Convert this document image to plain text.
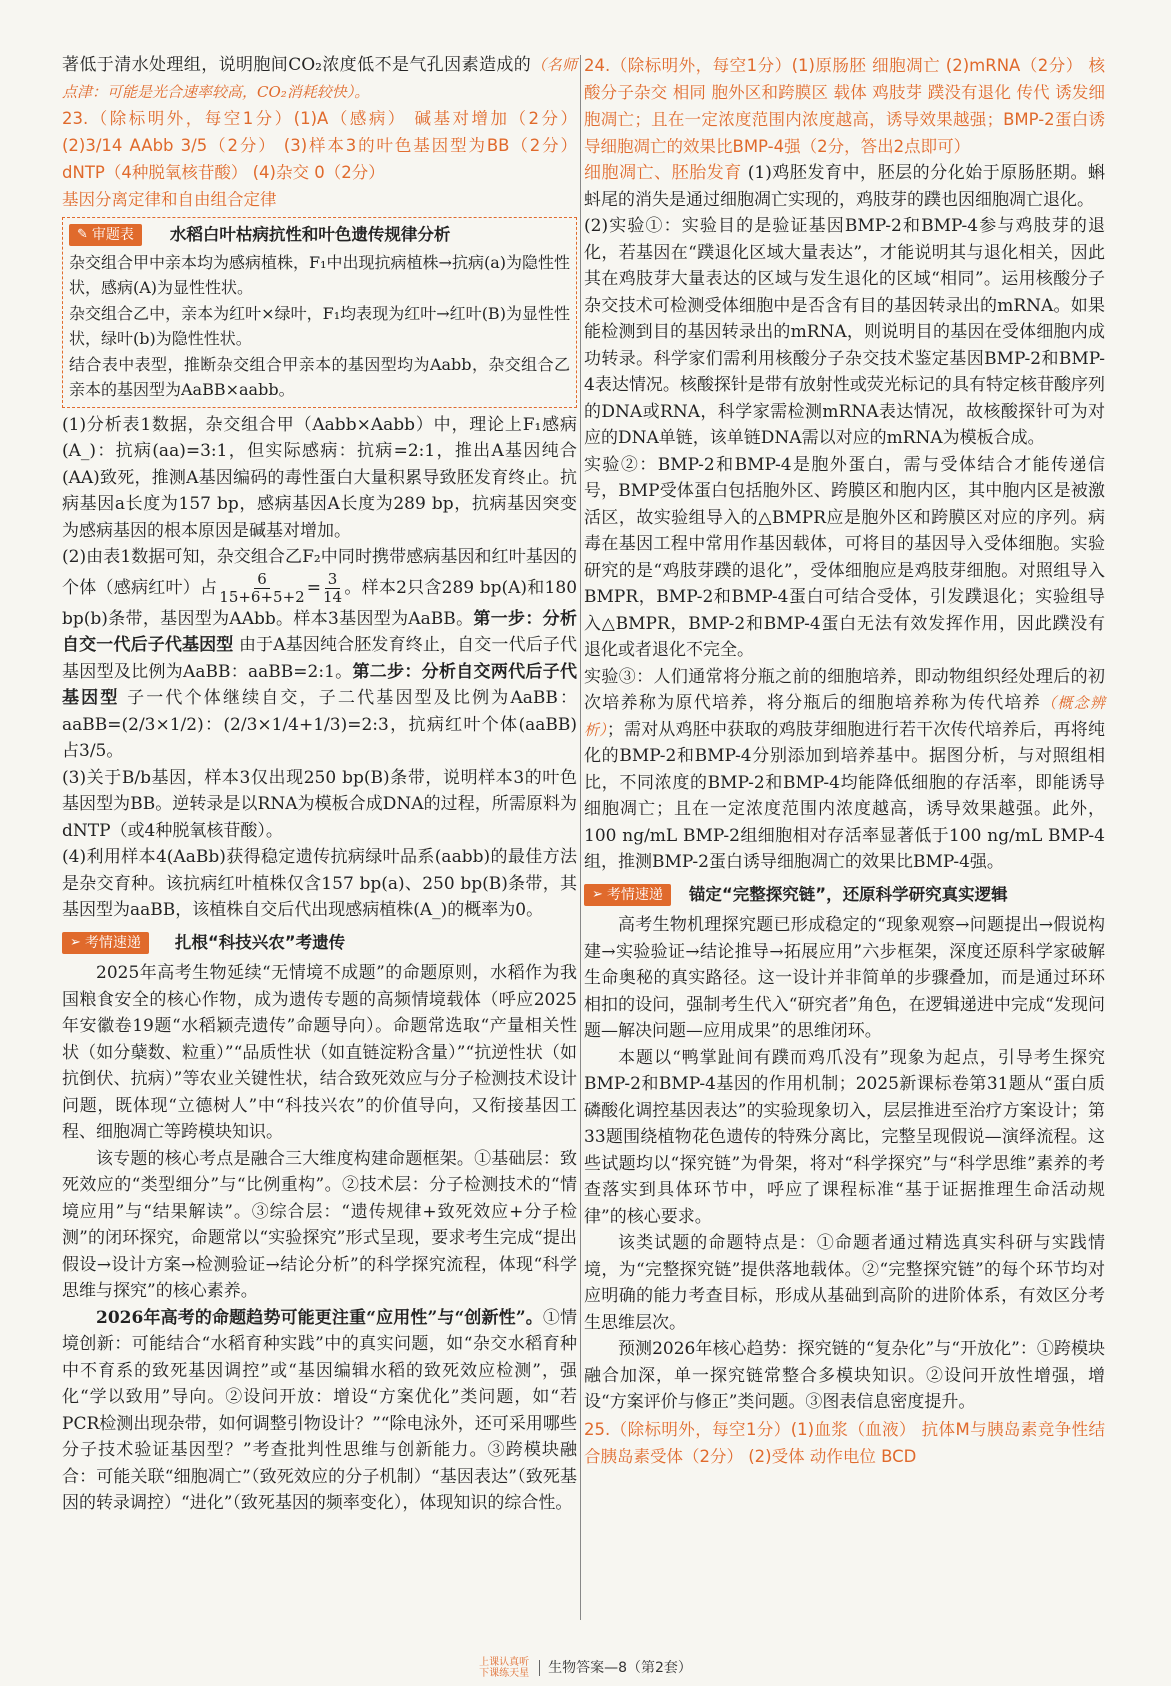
著低于清水处理组，说明胞间CO₂浓度低不是气孔因素造成的（名师点津：可能是光合速率较高，CO₂消耗较快）。

23.（除标明外，每空1分）(1)A（感病） 碱基对增加（2分） (2)3/14 AAbb 3/5（2分） (3)样本3的叶色基因型为BB（2分） dNTP（4种脱氧核苷酸） (4)杂交 0（2分）

基因分离定律和自由组合定律

✎ 审题表 水稻白叶枯病抗性和叶色遗传规律分析

杂交组合甲中亲本均为感病植株，F₁中出现抗病植株→抗病(a)为隐性性状，感病(A)为显性性状。

杂交组合乙中，亲本为红叶×绿叶，F₁均表现为红叶→红叶(B)为显性性状，绿叶(b)为隐性性状。

结合表中表型，推断杂交组合甲亲本的基因型均为Aabb，杂交组合乙亲本的基因型为AaBB×aabb。

(1)分析表1数据，杂交组合甲（Aabb×Aabb）中，理论上F₁感病(A_)：抗病(aa)=3:1，但实际感病：抗病=2:1，推出A基因纯合(AA)致死，推测A基因编码的毒性蛋白大量积累导致胚发育终止。抗病基因a长度为157 bp，感病基因A长度为289 bp，抗病基因突变为感病基因的根本原因是碱基对增加。

(2)由表1数据可知，杂交组合乙F₂中同时携带感病基因和红叶基因的个体（感病红叶）占 $\frac{6}{15+6+5+2} = \frac{3}{14}$ 。样本2只含289 bp(A)和180 bp(b)条带，基因型为AAbb。样本3基因型为AaBB。第一步：分析自交一代后子代基因型 由于A基因纯合胚发育终止，自交一代后子代基因型及比例为AaBB：aaBB=2:1。第二步：分析自交两代后子代基因型 子一代个体继续自交，子二代基因型及比例为AaBB：aaBB=(2/3×1/2)：(2/3×1/4+1/3)=2:3，抗病红叶个体(aaBB)占3/5。

(3)关于B/b基因，样本3仅出现250 bp(B)条带，说明样本3的叶色基因型为BB。逆转录是以RNA为模板合成DNA的过程，所需原料为dNTP（或4种脱氧核苷酸）。

(4)利用样本4(AaBb)获得稳定遗传抗病绿叶品系(aabb)的最佳方法是杂交育种。该抗病红叶植株仅含157 bp(a)、250 bp(B)条带，其基因型为aaBB，该植株自交后代出现感病植株(A_)的概率为0。

➢ 考情速递 扎根“科技兴农”考遗传

2025年高考生物延续“无情境不成题”的命题原则，水稻作为我国粮食安全的核心作物，成为遗传专题的高频情境载体（呼应2025年安徽卷19题“水稻颖壳遗传”命题导向）。命题常选取“产量相关性状（如分蘖数、粒重）”“品质性状（如直链淀粉含量）”“抗逆性状（如抗倒伏、抗病）”等农业关键性状，结合致死效应与分子检测技术设计问题，既体现“立德树人”中“科技兴农”的价值导向，又衔接基因工程、细胞凋亡等跨模块知识。

该专题的核心考点是融合三大维度构建命题框架。①基础层：致死效应的“类型细分”与“比例重构”。②技术层：分子检测技术的“情境应用”与“结果解读”。③综合层：“遗传规律+致死效应+分子检测”的闭环探究，命题常以“实验探究”形式呈现，要求考生完成“提出假设→设计方案→检测验证→结论分析”的科学探究流程，体现“科学思维与探究”的核心素养。

2026年高考的命题趋势可能更注重“应用性”与“创新性”。①情境创新：可能结合“水稻育种实践”中的真实问题，如“杂交水稻育种中不育系的致死基因调控”或“基因编辑水稻的致死效应检测”，强化“学以致用”导向。②设问开放：增设“方案优化”类问题，如“若PCR检测出现杂带，如何调整引物设计？”“除电泳外，还可采用哪些分子技术验证基因型？”考查批判性思维与创新能力。③跨模块融合：可能关联“细胞凋亡”（致死效应的分子机制）“基因表达”（致死基因的转录调控）“进化”（致死基因的频率变化），体现知识的综合性。

24.（除标明外，每空1分）(1)原肠胚 细胞凋亡 (2)mRNA（2分） 核酸分子杂交 相同 胞外区和跨膜区 载体 鸡肢芽 蹼没有退化 传代 诱发细胞凋亡；且在一定浓度范围内浓度越高，诱导效果越强；BMP-2蛋白诱导细胞凋亡的效果比BMP-4强（2分，答出2点即可）

细胞凋亡、胚胎发育 (1)鸡胚发育中，胚层的分化始于原肠胚期。蝌蚪尾的消失是通过细胞凋亡实现的，鸡肢芽的蹼也因细胞凋亡退化。

(2)实验①：实验目的是验证基因BMP-2和BMP-4参与鸡肢芽的退化，若基因在“蹼退化区域大量表达”，才能说明其与退化相关，因此其在鸡肢芽大量表达的区域与发生退化的区域“相同”。运用核酸分子杂交技术可检测受体细胞中是否含有目的基因转录出的mRNA。如果能检测到目的基因转录出的mRNA，则说明目的基因在受体细胞内成功转录。科学家们需利用核酸分子杂交技术鉴定基因BMP-2和BMP-4表达情况。核酸探针是带有放射性或荧光标记的具有特定核苷酸序列的DNA或RNA，科学家需检测mRNA表达情况，故核酸探针可为对应的DNA单链，该单链DNA需以对应的mRNA为模板合成。

实验②：BMP-2和BMP-4是胞外蛋白，需与受体结合才能传递信号，BMP受体蛋白包括胞外区、跨膜区和胞内区，其中胞内区是被激活区，故实验组导入的△BMPR应是胞外区和跨膜区对应的序列。病毒在基因工程中常用作基因载体，可将目的基因导入受体细胞。实验研究的是“鸡肢芽蹼的退化”，受体细胞应是鸡肢芽细胞。对照组导入BMPR，BMP-2和BMP-4蛋白可结合受体，引发蹼退化；实验组导入△BMPR，BMP-2和BMP-4蛋白无法有效发挥作用，因此蹼没有退化或者退化不完全。

实验③：人们通常将分瓶之前的细胞培养，即动物组织经处理后的初次培养称为原代培养，将分瓶后的细胞培养称为传代培养（概念辨析）；需对从鸡胚中获取的鸡肢芽细胞进行若干次传代培养后，再将纯化的BMP-2和BMP-4分别添加到培养基中。据图分析，与对照组相比，不同浓度的BMP-2和BMP-4均能降低细胞的存活率，即能诱导细胞凋亡；且在一定浓度范围内浓度越高，诱导效果越强。此外，100 ng/mL BMP-2组细胞相对存活率显著低于100 ng/mL BMP-4组，推测BMP-2蛋白诱导细胞凋亡的效果比BMP-4强。

➢ 考情速递 锚定“完整探究链”，还原科学研究真实逻辑

高考生物机理探究题已形成稳定的“现象观察→问题提出→假说构建→实验验证→结论推导→拓展应用”六步框架，深度还原科学家破解生命奥秘的真实路径。这一设计并非简单的步骤叠加，而是通过环环相扣的设问，强制考生代入“研究者”角色，在逻辑递进中完成“发现问题—解决问题—应用成果”的思维闭环。

本题以“鸭掌趾间有蹼而鸡爪没有”现象为起点，引导考生探究BMP-2和BMP-4基因的作用机制；2025新课标卷第31题从“蛋白质磷酸化调控基因表达”的实验现象切入，层层推进至治疗方案设计；第33题围绕植物花色遗传的特殊分离比，完整呈现假说—演绎流程。这些试题均以“探究链”为骨架，将对“科学探究”与“科学思维”素养的考查落实到具体环节中，呼应了课程标准“基于证据推理生命活动规律”的核心要求。

该类试题的命题特点是：①命题者通过精选真实科研与实践情境，为“完整探究链”提供落地载体。②“完整探究链”的每个环节均对应明确的能力考查目标，形成从基础到高阶的进阶体系，有效区分考生思维层次。

预测2026年核心趋势：探究链的“复杂化”与“开放化”：①跨模块融合加深，单一探究链常整合多模块知识。②设问开放性增强，增设“方案评价与修正”类问题。③图表信息密度提升。

25.（除标明外，每空1分）(1)血浆（血液） 抗体M与胰岛素竞争性结合胰岛素受体（2分） (2)受体 动作电位 BCD

上课认真听
下课练天星 生物答案—8（第2套）
